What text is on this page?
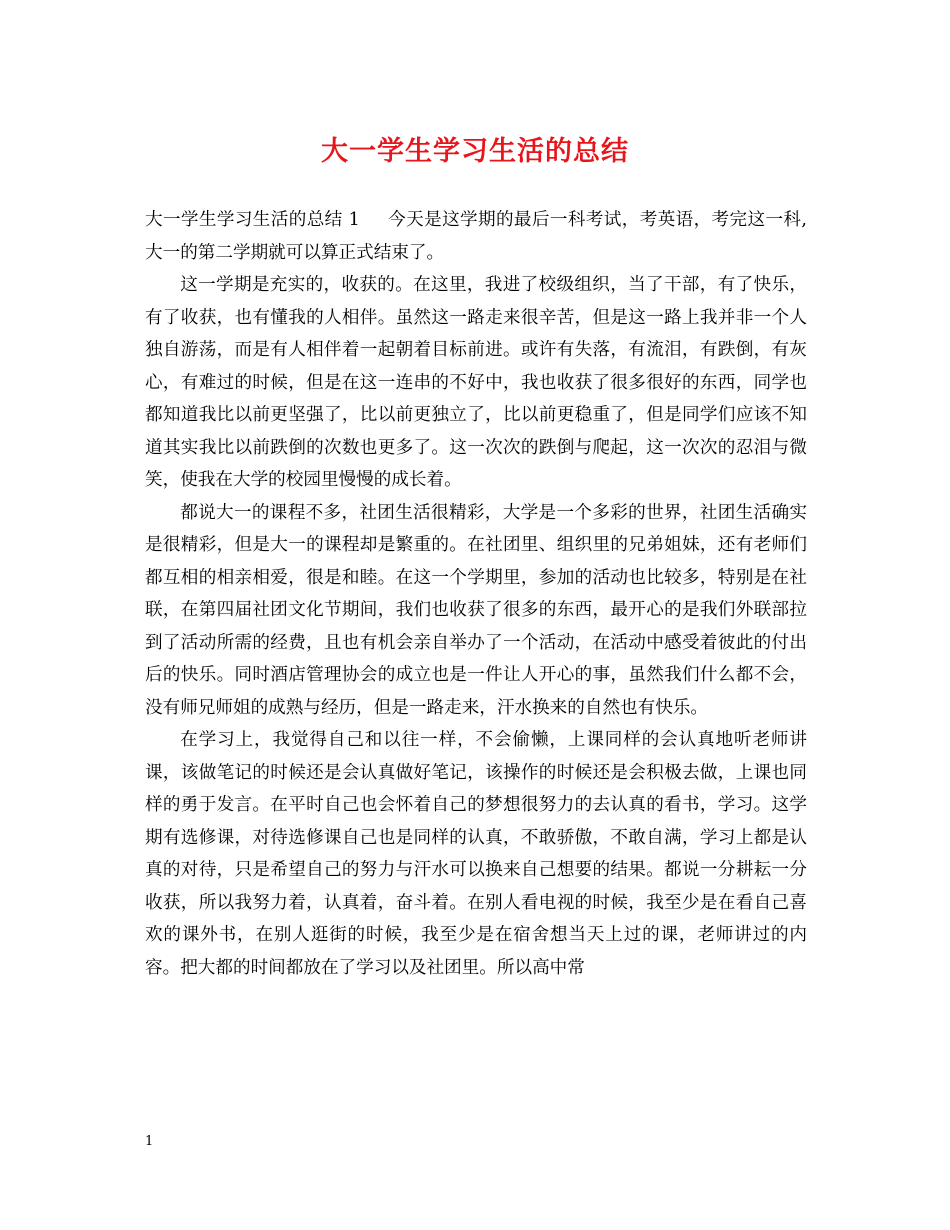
大一学生学习生活的总结

大一学生学习生活的总结 1 今天是这学期的最后一科考试，考英语，考完这一科,大一的第二学期就可以算正式结束了。

这一学期是充实的，收获的。在这里，我进了校级组织，当了干部，有了快乐，有了收获，也有懂我的人相伴。虽然这一路走来很辛苦，但是这一路上我并非一个人独自游荡，而是有人相伴着一起朝着目标前进。或许有失落，有流泪，有跌倒，有灰心，有难过的时候，但是在这一连串的不好中，我也收获了很多很好的东西，同学也都知道我比以前更坚强了，比以前更独立了，比以前更稳重了，但是同学们应该不知道其实我比以前跌倒的次数也更多了。这一次次的跌倒与爬起，这一次次的忍泪与微笑，使我在大学的校园里慢慢的成长着。

都说大一的课程不多，社团生活很精彩，大学是一个多彩的世界，社团生活确实是很精彩，但是大一的课程却是繁重的。在社团里、组织里的兄弟姐妹，还有老师们都互相的相亲相爱，很是和睦。在这一个学期里，参加的活动也比较多，特别是在社联，在第四届社团文化节期间，我们也收获了很多的东西，最开心的是我们外联部拉到了活动所需的经费，且也有机会亲自举办了一个活动，在活动中感受着彼此的付出后的快乐。同时酒店管理协会的成立也是一件让人开心的事，虽然我们什么都不会，没有师兄师姐的成熟与经历，但是一路走来，汗水换来的自然也有快乐。

在学习上，我觉得自己和以往一样，不会偷懒，上课同样的会认真地听老师讲课，该做笔记的时候还是会认真做好笔记，该操作的时候还是会积极去做，上课也同样的勇于发言。在平时自己也会怀着自己的梦想很努力的去认真的看书，学习。这学期有选修课，对待选修课自己也是同样的认真，不敢骄傲，不敢自满，学习上都是认真的对待，只是希望自己的努力与汗水可以换来自己想要的结果。都说一分耕耘一分收获，所以我努力着，认真着，奋斗着。在别人看电视的时候，我至少是在看自己喜欢的课外书，在别人逛街的时候，我至少是在宿舍想当天上过的课，老师讲过的内容。把大都的时间都放在了学习以及社团里。所以高中常

1
